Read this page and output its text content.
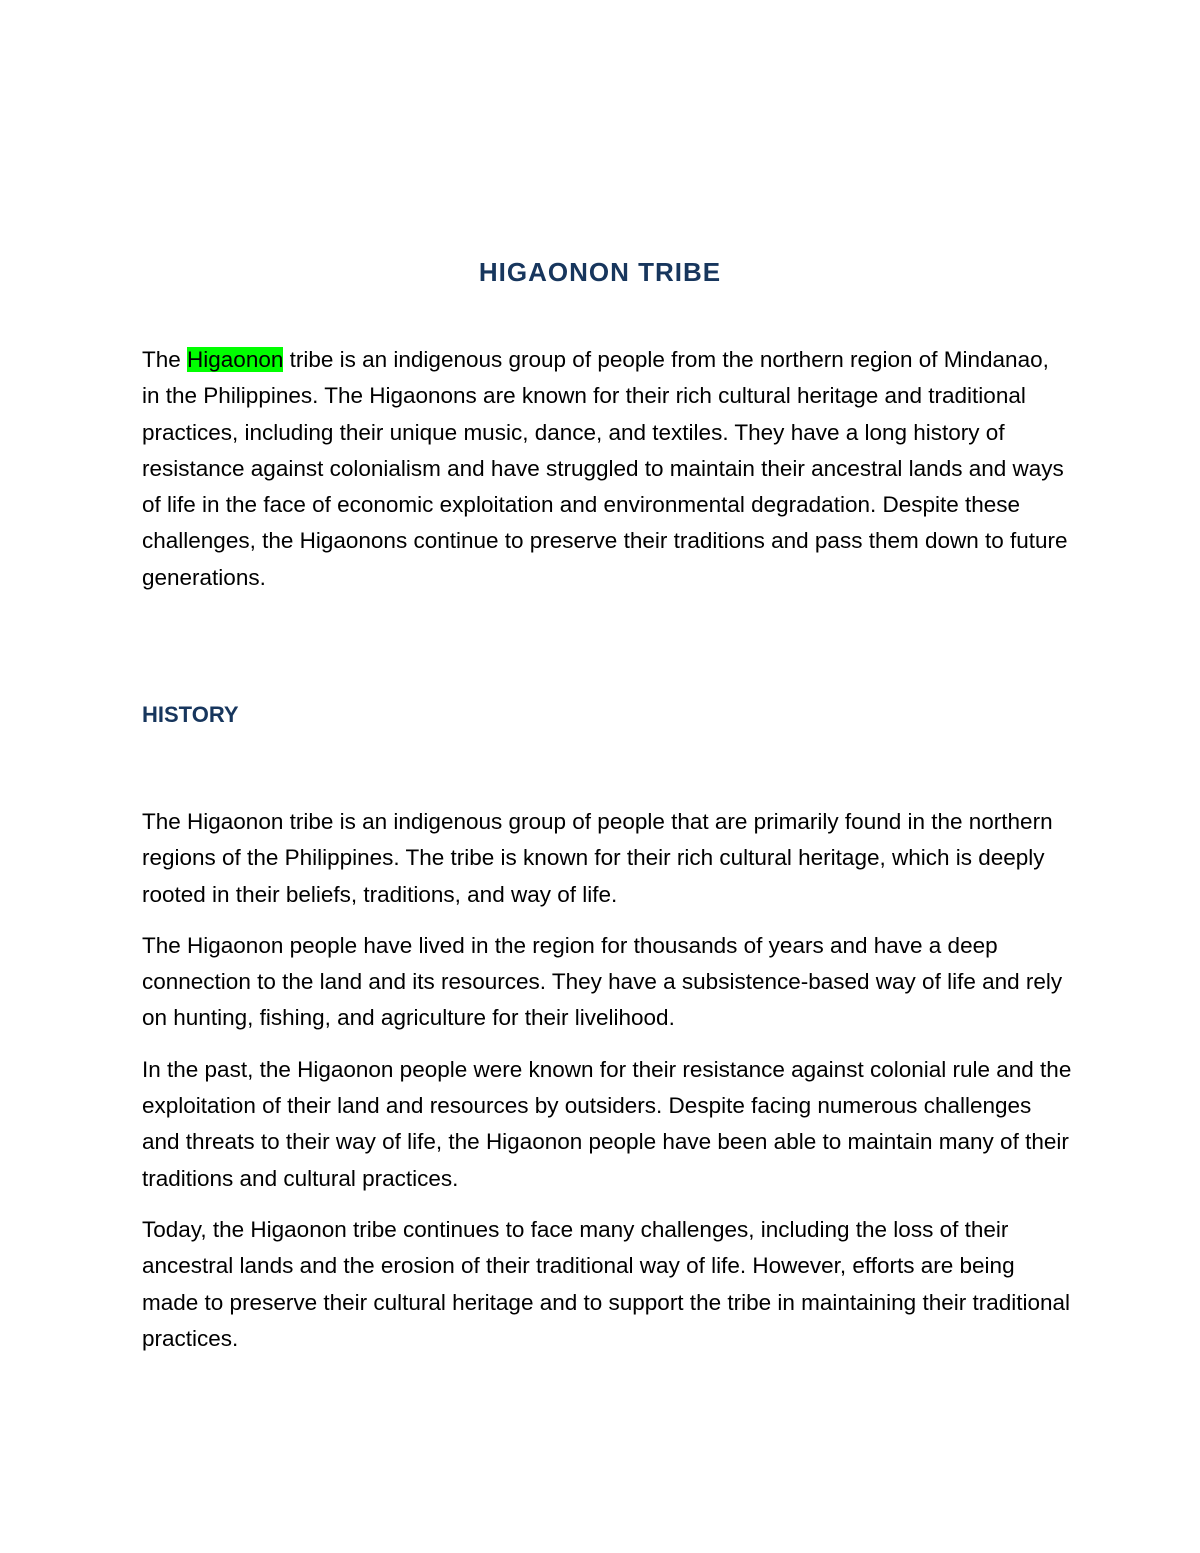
HIGAONON TRIBE

The Higaonon tribe is an indigenous group of people from the northern region of Mindanao, in the Philippines. The Higaonons are known for their rich cultural heritage and traditional practices, including their unique music, dance, and textiles. They have a long history of resistance against colonialism and have struggled to maintain their ancestral lands and ways of life in the face of economic exploitation and environmental degradation. Despite these challenges, the Higaonons continue to preserve their traditions and pass them down to future generations.

HISTORY

The Higaonon tribe is an indigenous group of people that are primarily found in the northern regions of the Philippines. The tribe is known for their rich cultural heritage, which is deeply rooted in their beliefs, traditions, and way of life.

The Higaonon people have lived in the region for thousands of years and have a deep connection to the land and its resources. They have a subsistence-based way of life and rely on hunting, fishing, and agriculture for their livelihood.

In the past, the Higaonon people were known for their resistance against colonial rule and the exploitation of their land and resources by outsiders. Despite facing numerous challenges and threats to their way of life, the Higaonon people have been able to maintain many of their traditions and cultural practices.

Today, the Higaonon tribe continues to face many challenges, including the loss of their ancestral lands and the erosion of their traditional way of life. However, efforts are being made to preserve their cultural heritage and to support the tribe in maintaining their traditional practices.
